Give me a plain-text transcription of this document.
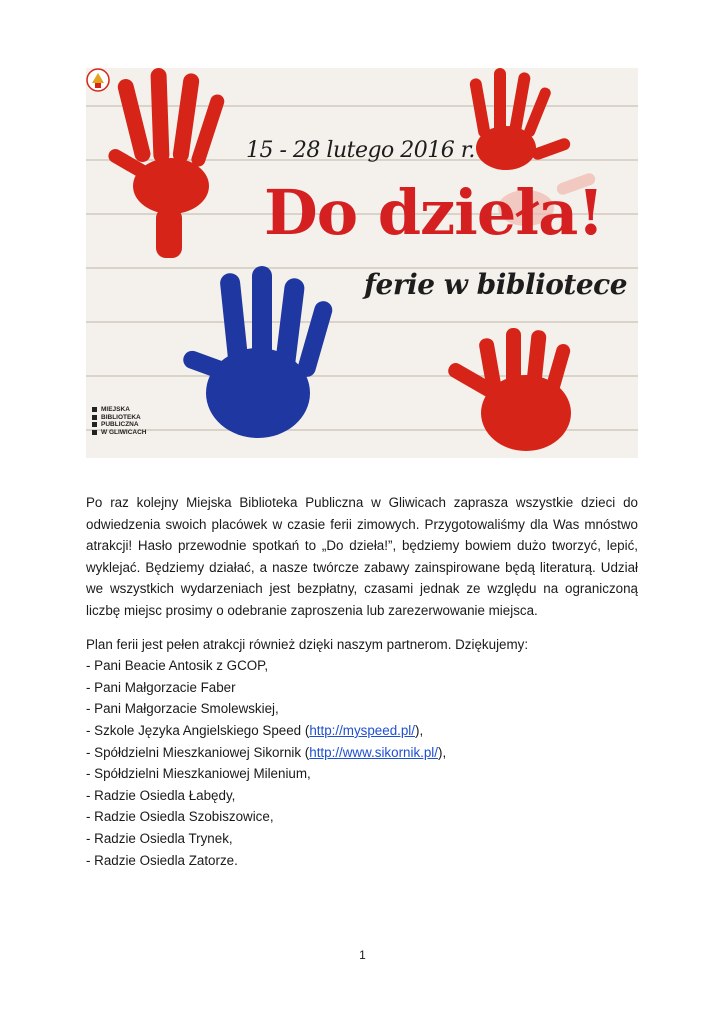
15 - 28 lutego 2016 r.
Do dzieła!
ferie w bibliotece
MIEJSKA
BIBLIOTEKA
PUBLICZNA
W GLIWICACH

Po raz kolejny Miejska Biblioteka Publiczna w Gliwicach zaprasza wszystkie dzieci do odwiedzenia swoich placówek w czasie ferii zimowych. Przygotowaliśmy dla Was mnóstwo atrakcji! Hasło przewodnie spotkań to „Do dzieła!”, będziemy bowiem dużo tworzyć, lepić, wyklejać. Będziemy działać, a nasze twórcze zabawy zainspirowane będą literaturą. Udział we wszystkich wydarzeniach jest bezpłatny, czasami jednak ze względu na ograniczoną liczbę miejsc prosimy o odebranie zaproszenia lub zarezerwowanie miejsca.

Plan ferii jest pełen atrakcji również dzięki naszym partnerom. Dziękujemy:
- Pani Beacie Antosik z GCOP,
- Pani Małgorzacie Faber
- Pani Małgorzacie Smolewskiej,
- Szkole Języka Angielskiego Speed (http://myspeed.pl/),
- Spółdzielni Mieszkaniowej Sikornik (http://www.sikornik.pl/),
- Spółdzielni Mieszkaniowej Milenium,
- Radzie Osiedla Łabędy,
- Radzie Osiedla Szobiszowice,
- Radzie Osiedla Trynek,
- Radzie Osiedla Zatorze.
1
